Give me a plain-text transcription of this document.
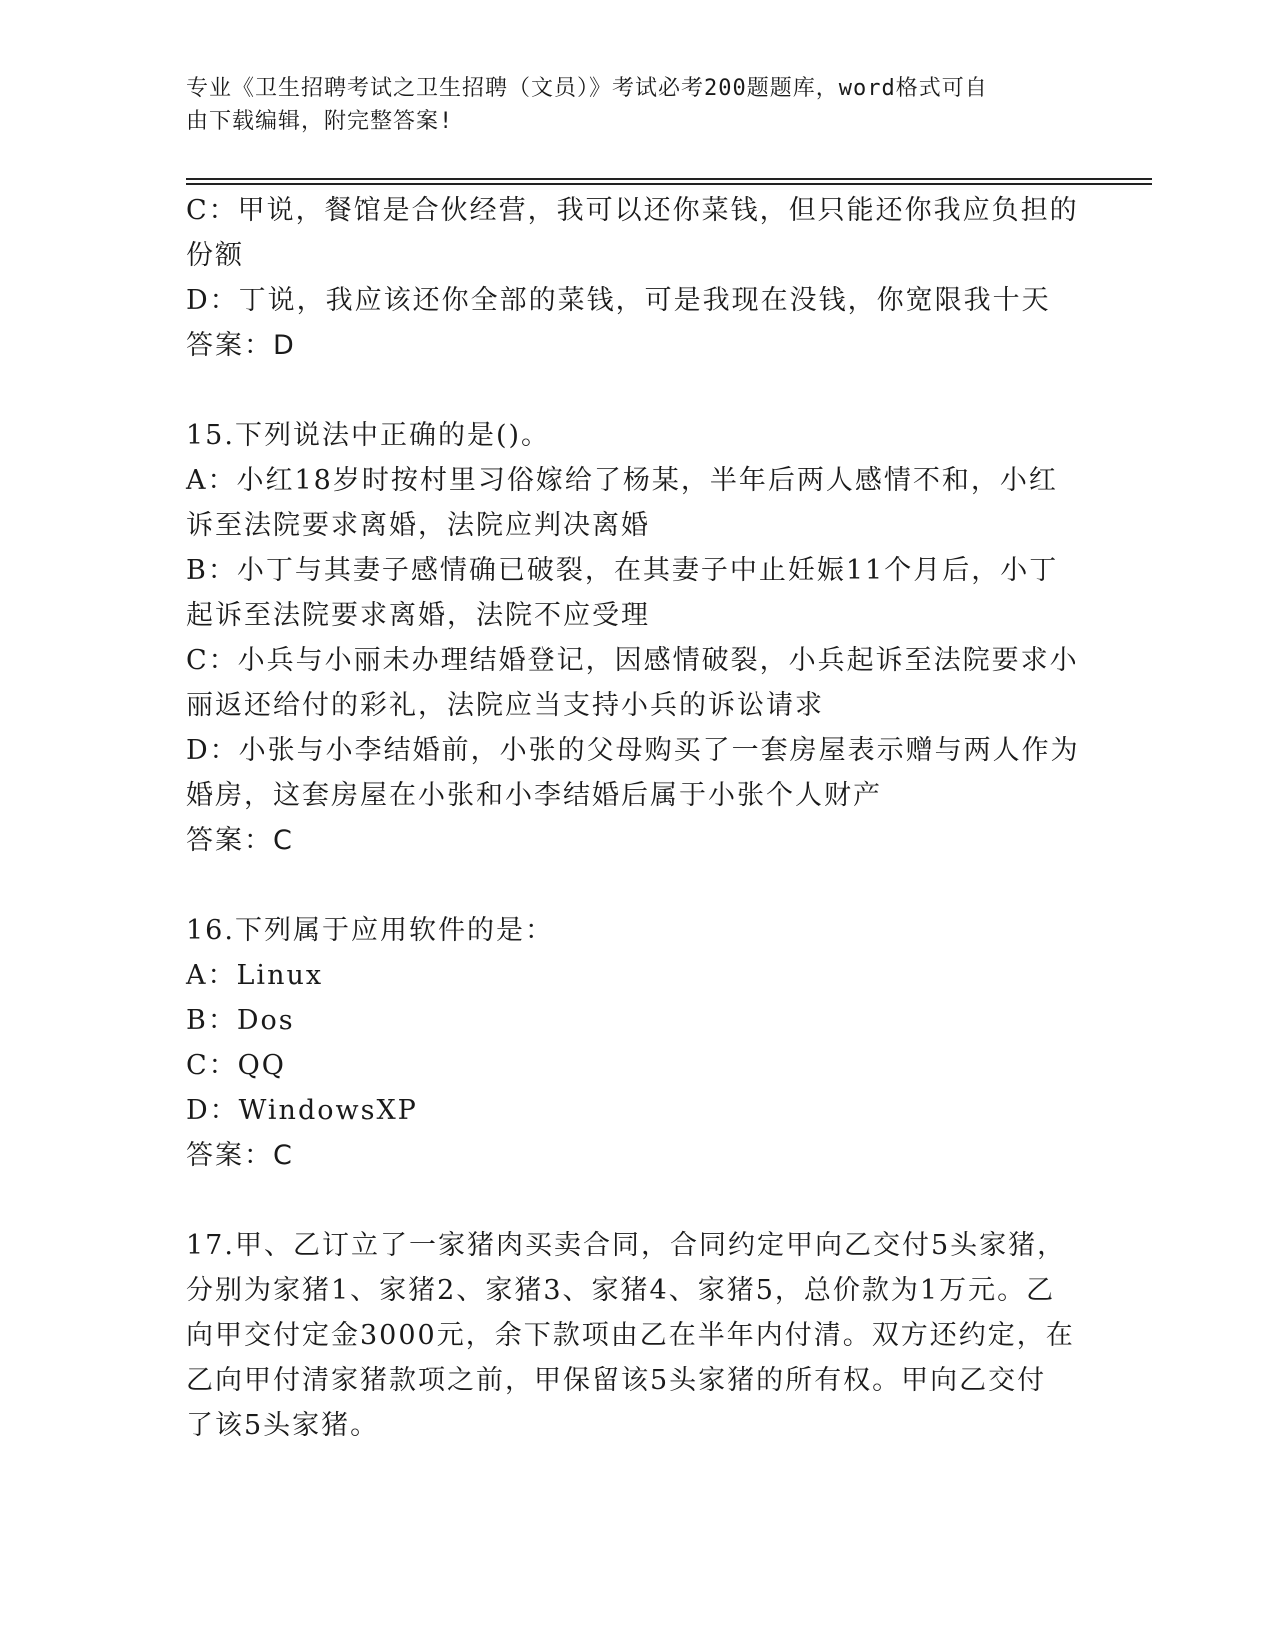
专业《卫生招聘考试之卫生招聘（文员）》考试必考200题题库，word格式可自
由下载编辑，附完整答案!
C：甲说，餐馆是合伙经营，我可以还你菜钱，但只能还你我应负担的
份额
D：丁说，我应该还你全部的菜钱，可是我现在没钱，你宽限我十天
答案：D
15.下列说法中正确的是()。
A：小红18岁时按村里习俗嫁给了杨某，半年后两人感情不和，小红
诉至法院要求离婚，法院应判决离婚
B：小丁与其妻子感情确已破裂，在其妻子中止妊娠11个月后，小丁
起诉至法院要求离婚，法院不应受理
C：小兵与小丽未办理结婚登记，因感情破裂，小兵起诉至法院要求小
丽返还给付的彩礼，法院应当支持小兵的诉讼请求
D：小张与小李结婚前，小张的父母购买了一套房屋表示赠与两人作为
婚房，这套房屋在小张和小李结婚后属于小张个人财产
答案：C
16.下列属于应用软件的是：
A：Linux
B：Dos
C：QQ
D：WindowsXP
答案：C
17.甲、乙订立了一家猪肉买卖合同，合同约定甲向乙交付5头家猪，
分别为家猪1、家猪2、家猪3、家猪4、家猪5，总价款为1万元。乙
向甲交付定金3000元，余下款项由乙在半年内付清。双方还约定，在
乙向甲付清家猪款项之前，甲保留该5头家猪的所有权。甲向乙交付
了该5头家猪。
